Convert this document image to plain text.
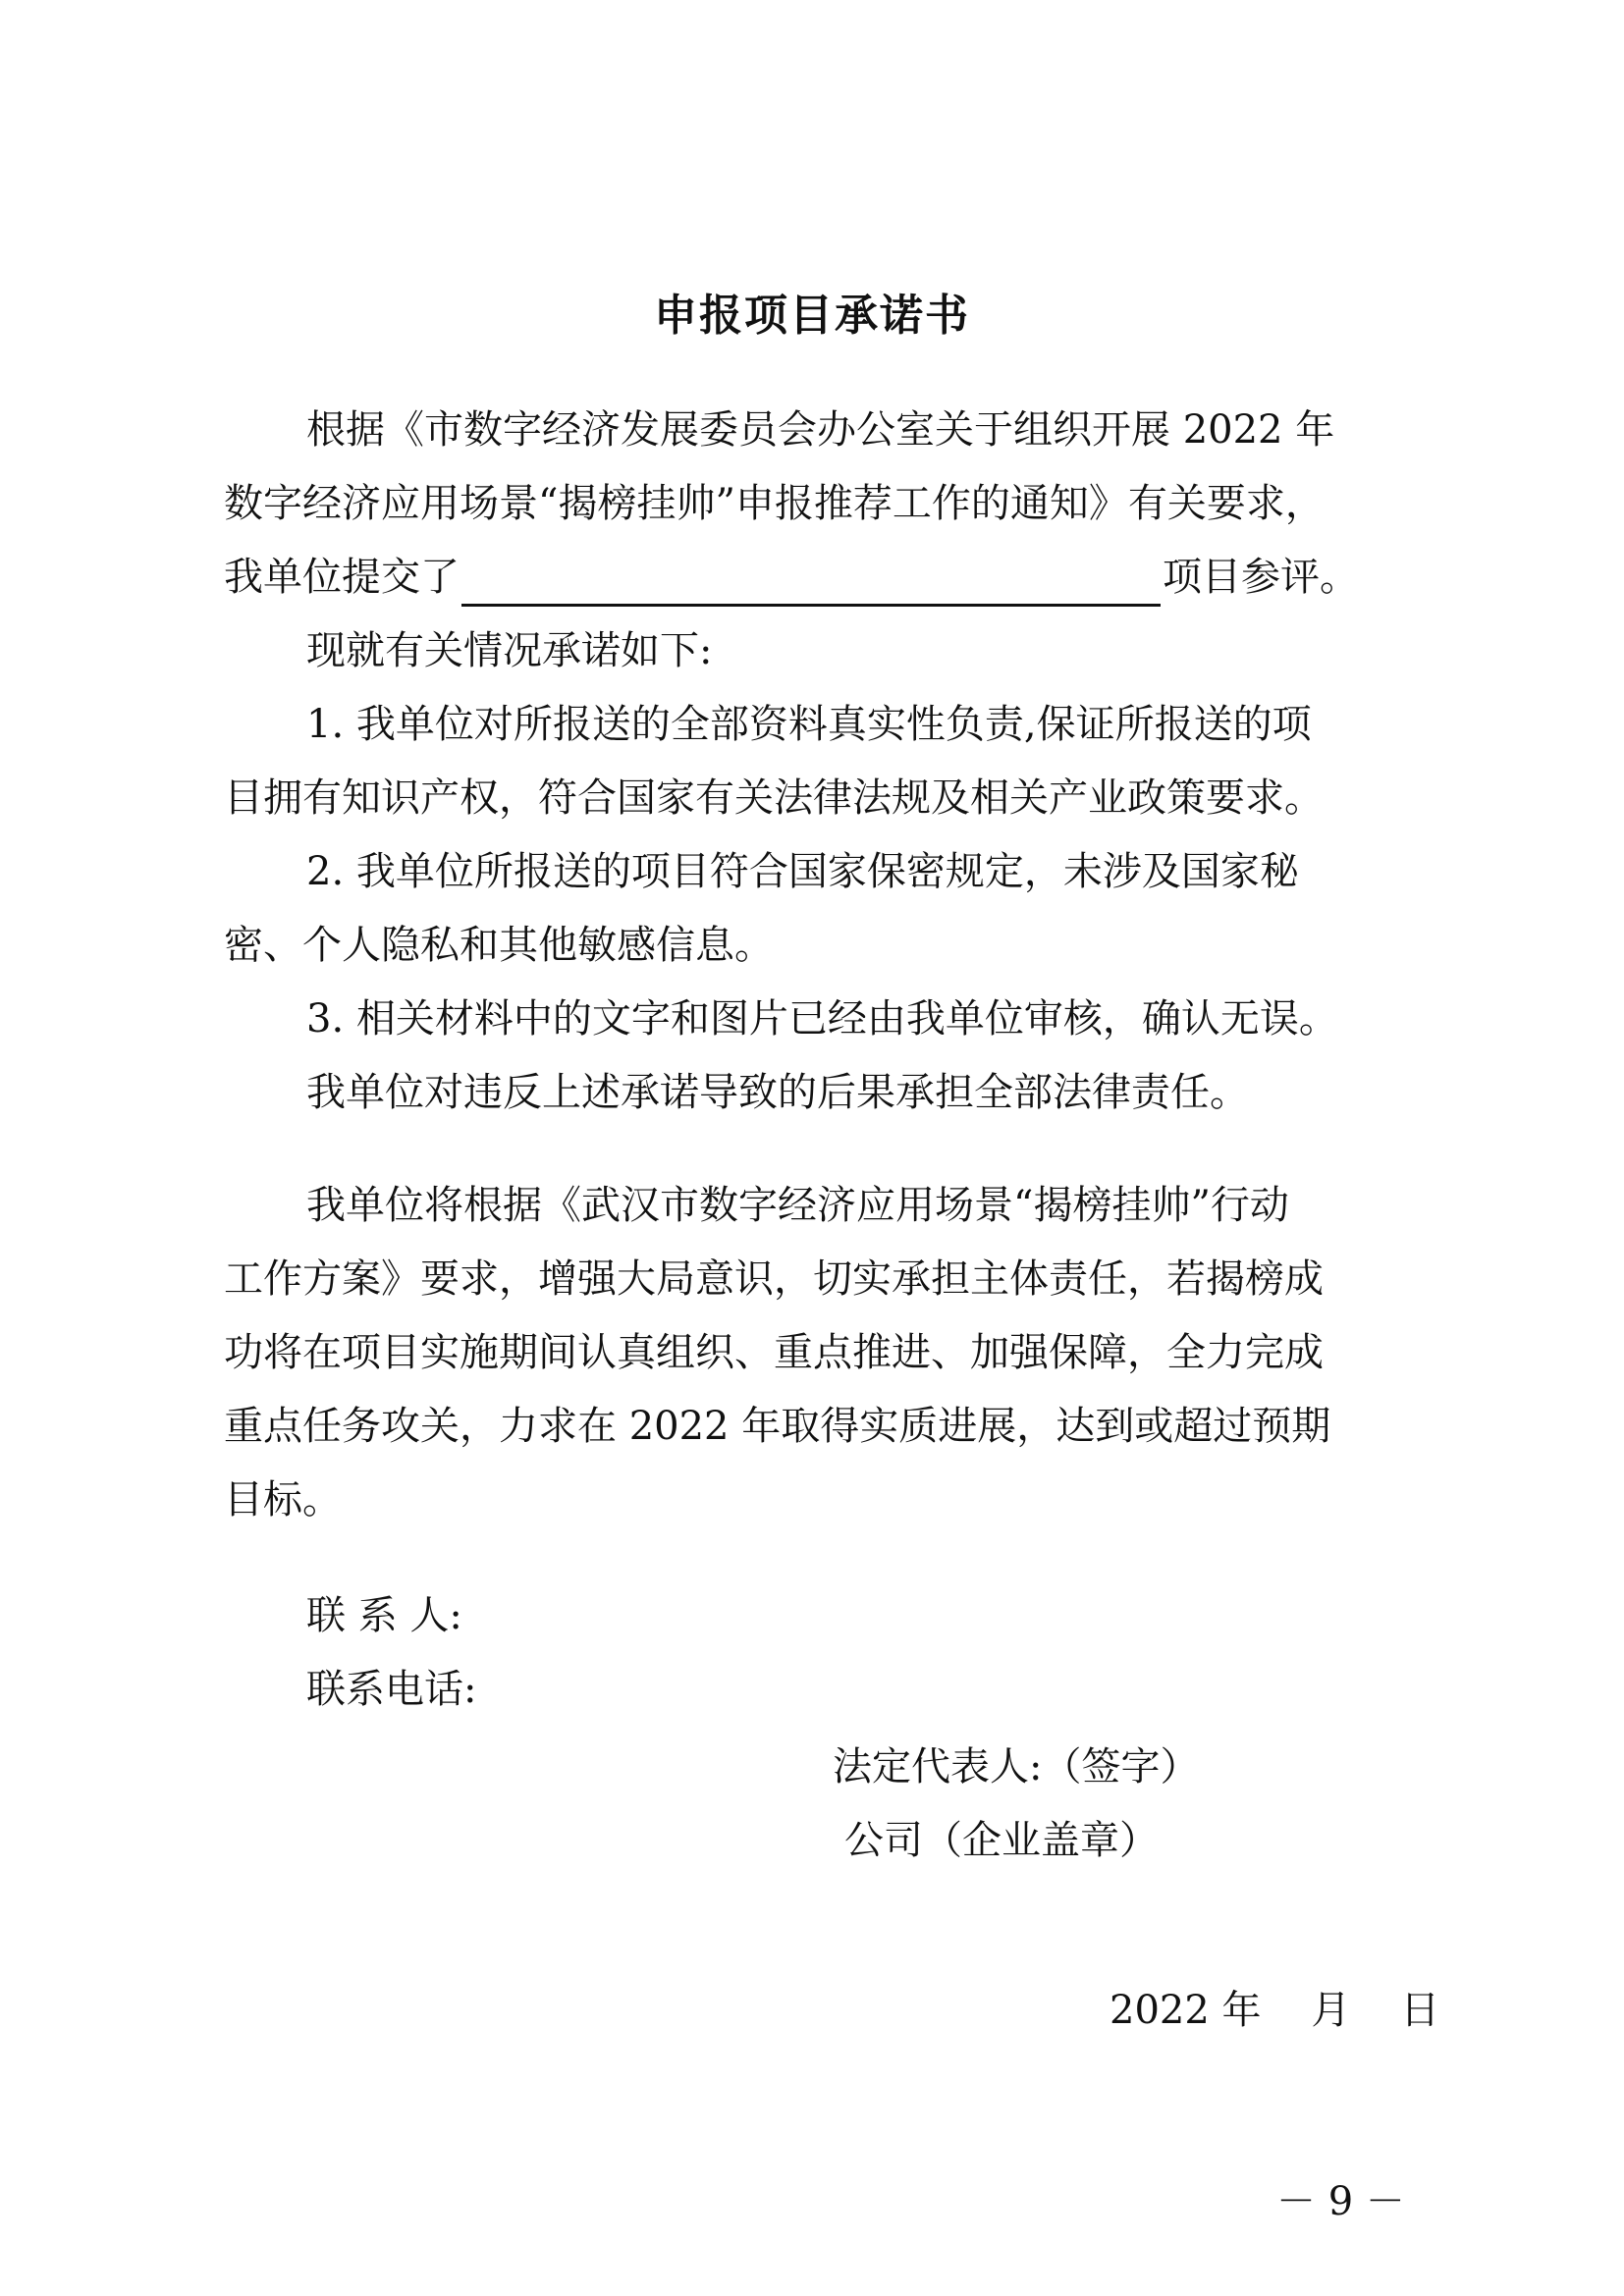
申报项目承诺书
根据《市数字经济发展委员会办公室关于组织开展 2022 年
数字经济应用场景“揭榜挂帅”申报推荐工作的通知》有关要求，
我单位提交了	项目参评。
现就有关情况承诺如下:
1. 我单位对所报送的全部资料真实性负责,保证所报送的项
目拥有知识产权，符合国家有关法律法规及相关产业政策要求。
2. 我单位所报送的项目符合国家保密规定，未涉及国家秘
密、个人隐私和其他敏感信息。
3. 相关材料中的文字和图片已经由我单位审核，确认无误。
我单位对违反上述承诺导致的后果承担全部法律责任。
我单位将根据《武汉市数字经济应用场景“揭榜挂帅”行动
工作方案》要求，增强大局意识，切实承担主体责任，若揭榜成
功将在项目实施期间认真组织、重点推进、加强保障，全力完成
重点任务攻关，力求在 2022 年取得实质进展，达到或超过预期
目标。
联 系 人:
联系电话:
法定代表人:（签字）
公司（企业盖章）
2022 年    月    日
－ 9 －
